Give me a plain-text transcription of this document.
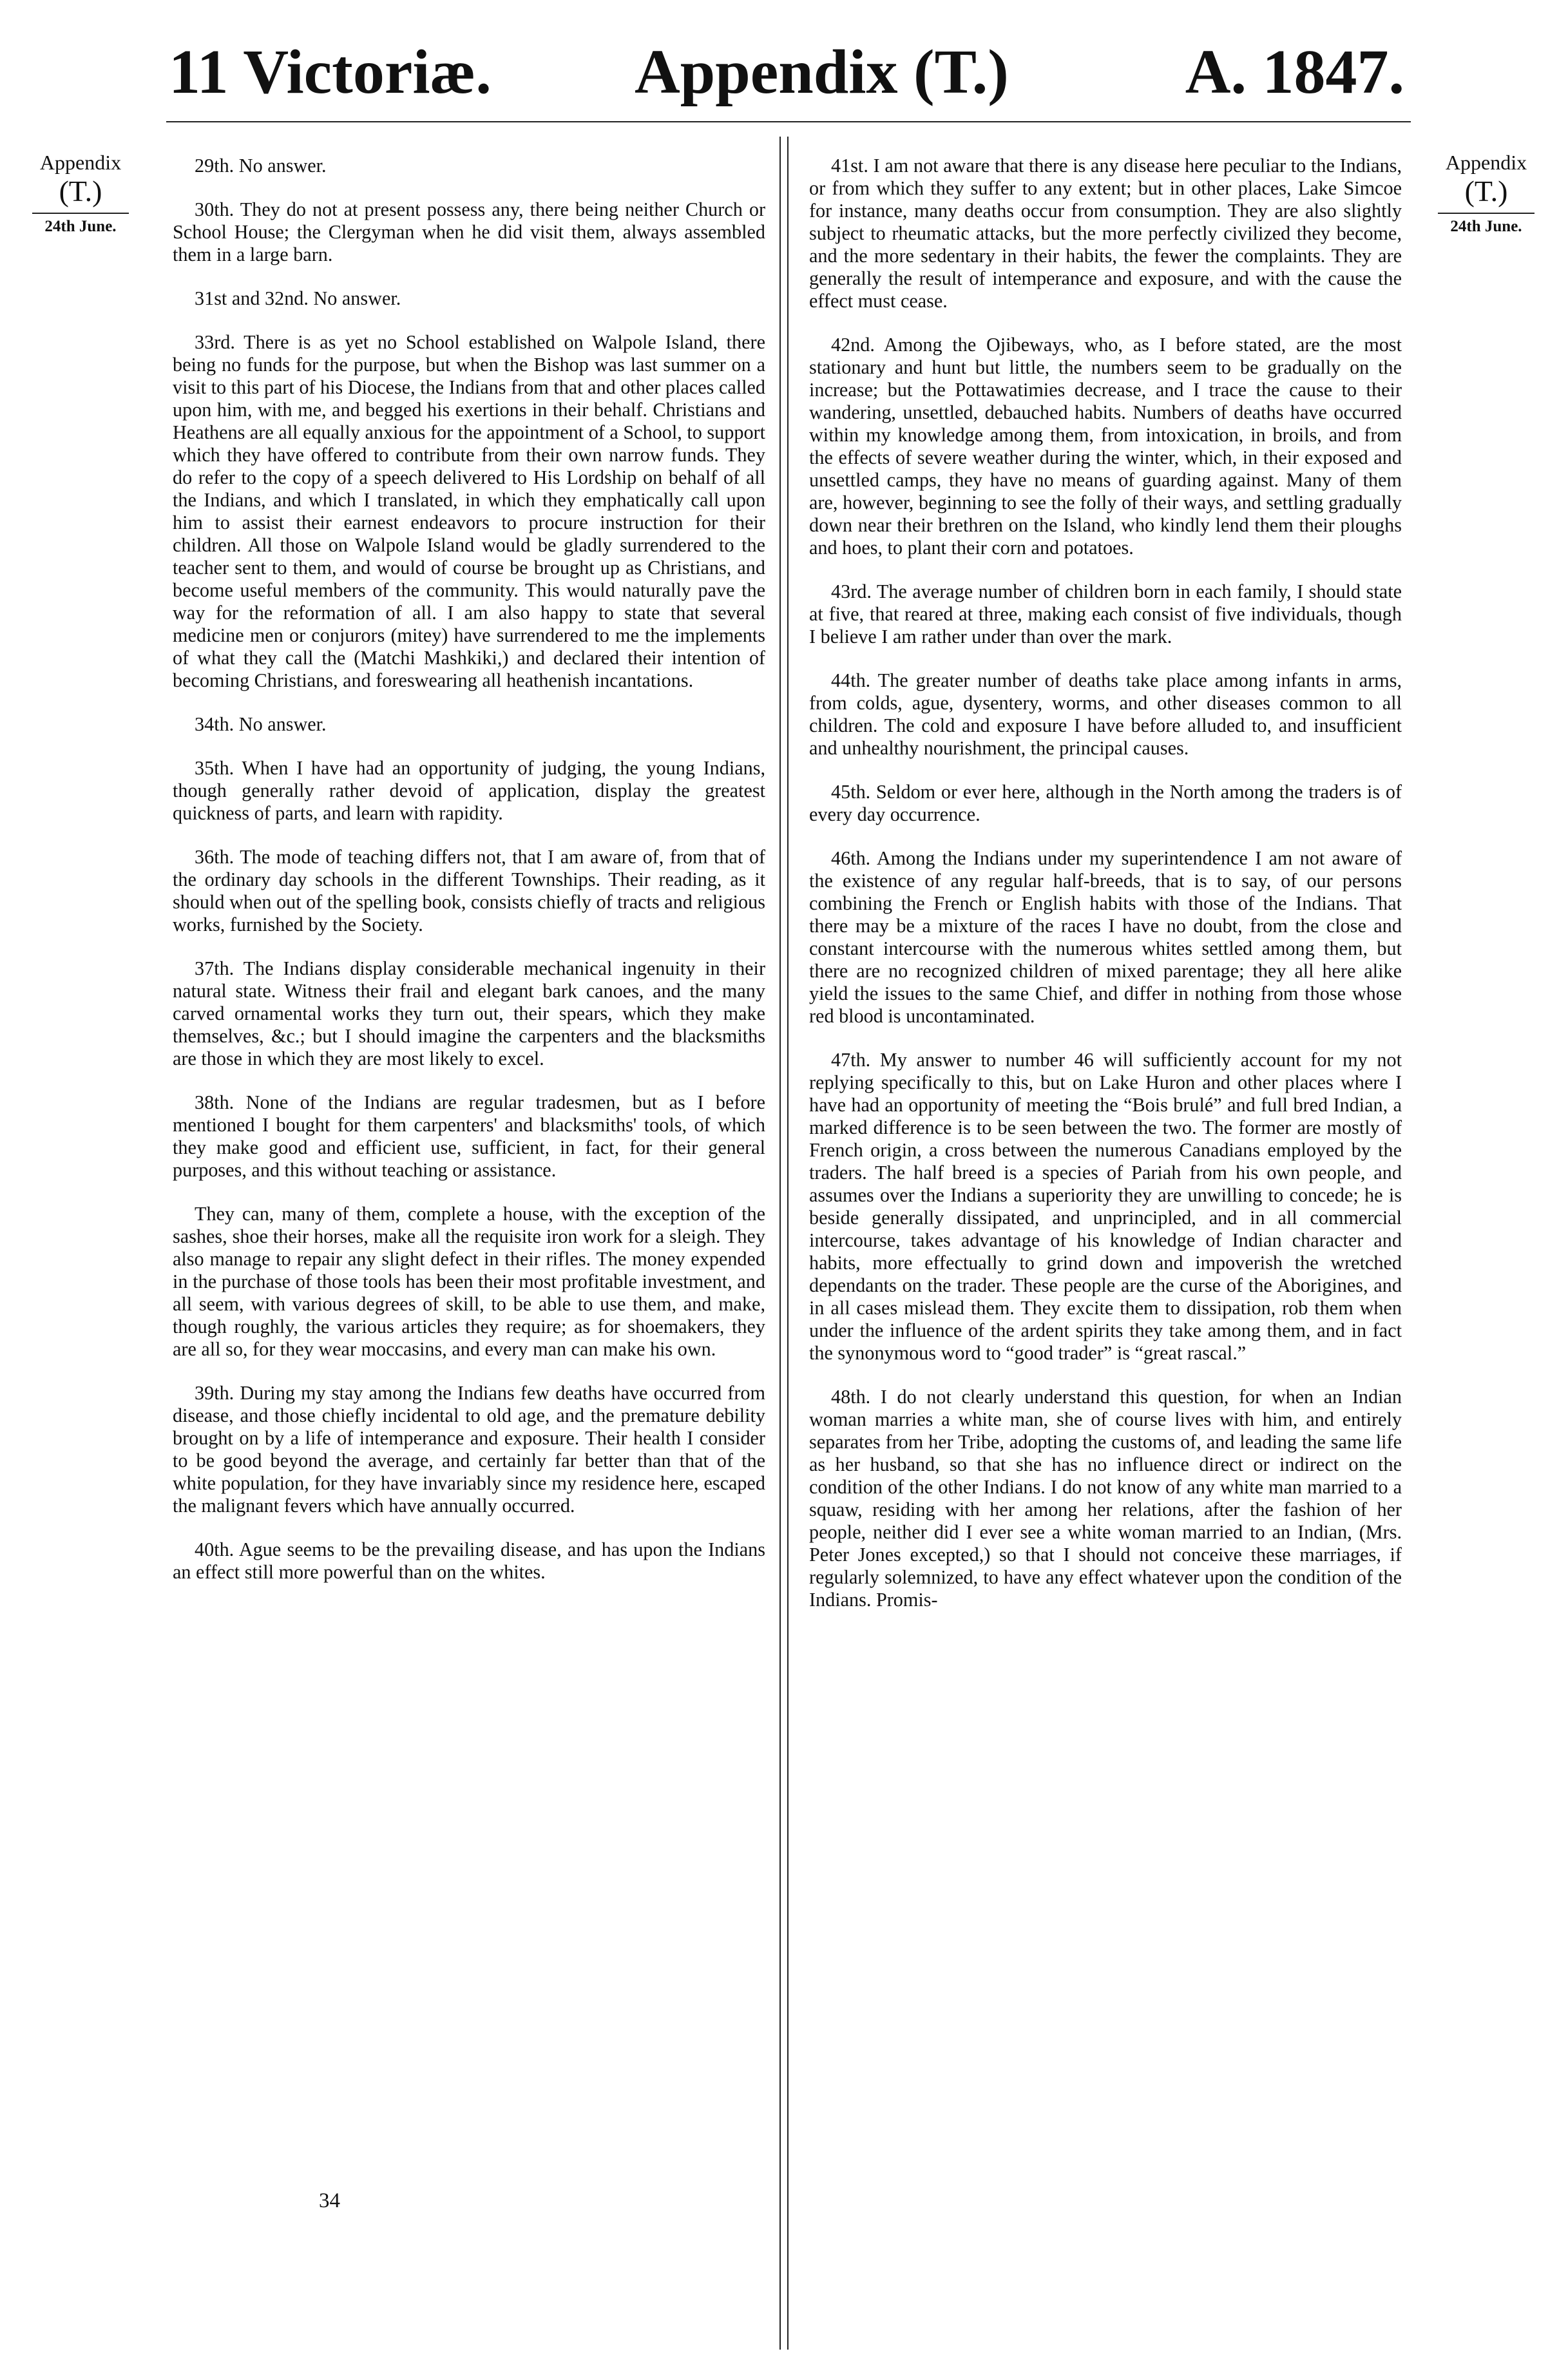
11 Victoriæ. Appendix (T.)	A. 1847.
Appendix
(T.)
24th June.
Appendix
(T.)
24th June.

29th. No answer.

30th. They do not at present possess any, there being neither Church or School House; the Clergyman when he did visit them, always assembled them in a large barn.

31st and 32nd. No answer.

33rd. There is as yet no School established on Walpole Island, there being no funds for the purpose, but when the Bishop was last summer on a visit to this part of his Diocese, the Indians from that and other places called upon him, with me, and begged his exertions in their behalf. Christians and Heathens are all equally anxious for the appointment of a School, to support which they have offered to contribute from their own narrow funds. They do refer to the copy of a speech delivered to His Lordship on behalf of all the Indians, and which I translated, in which they emphatically call upon him to assist their earnest endeavors to procure instruction for their children. All those on Walpole Island would be gladly surrendered to the teacher sent to them, and would of course be brought up as Christians, and become useful members of the community. This would naturally pave the way for the reformation of all. I am also happy to state that several medicine men or conjurors (mitey) have surrendered to me the implements of what they call the (Matchi Mashkiki,) and declared their intention of becoming Christians, and foreswearing all heathenish incantations.

34th. No answer.

35th. When I have had an opportunity of judging, the young Indians, though generally rather devoid of application, display the greatest quickness of parts, and learn with rapidity.

36th. The mode of teaching differs not, that I am aware of, from that of the ordinary day schools in the different Townships. Their reading, as it should when out of the spelling book, consists chiefly of tracts and religious works, furnished by the Society.

37th. The Indians display considerable mechanical ingenuity in their natural state. Witness their frail and elegant bark canoes, and the many carved ornamental works they turn out, their spears, which they make themselves, &c.; but I should imagine the carpenters and the blacksmiths are those in which they are most likely to excel.

38th. None of the Indians are regular tradesmen, but as I before mentioned I bought for them carpenters' and blacksmiths' tools, of which they make good and efficient use, sufficient, in fact, for their general purposes, and this without teaching or assistance.

They can, many of them, complete a house, with the exception of the sashes, shoe their horses, make all the requisite iron work for a sleigh. They also manage to repair any slight defect in their rifles. The money expended in the purchase of those tools has been their most profitable investment, and all seem, with various degrees of skill, to be able to use them, and make, though roughly, the various articles they require; as for shoemakers, they are all so, for they wear moccasins, and every man can make his own.

39th. During my stay among the Indians few deaths have occurred from disease, and those chiefly incidental to old age, and the premature debility brought on by a life of intemperance and exposure. Their health I consider to be good beyond the average, and certainly far better than that of the white population, for they have invariably since my residence here, escaped the malignant fevers which have annually occurred.

40th. Ague seems to be the prevailing disease, and has upon the Indians an effect still more powerful than on the whites.

41st. I am not aware that there is any disease here peculiar to the Indians, or from which they suffer to any extent; but in other places, Lake Simcoe for instance, many deaths occur from consumption. They are also slightly subject to rheumatic attacks, but the more perfectly civilized they become, and the more sedentary in their habits, the fewer the complaints. They are generally the result of intemperance and exposure, and with the cause the effect must cease.

42nd. Among the Ojibeways, who, as I before stated, are the most stationary and hunt but little, the numbers seem to be gradually on the increase; but the Pottawatimies decrease, and I trace the cause to their wandering, unsettled, debauched habits. Numbers of deaths have occurred within my knowledge among them, from intoxication, in broils, and from the effects of severe weather during the winter, which, in their exposed and unsettled camps, they have no means of guarding against. Many of them are, however, beginning to see the folly of their ways, and settling gradually down near their brethren on the Island, who kindly lend them their ploughs and hoes, to plant their corn and potatoes.

43rd. The average number of children born in each family, I should state at five, that reared at three, making each consist of five individuals, though I believe I am rather under than over the mark.

44th. The greater number of deaths take place among infants in arms, from colds, ague, dysentery, worms, and other diseases common to all children. The cold and exposure I have before alluded to, and insufficient and unhealthy nourishment, the principal causes.

45th. Seldom or ever here, although in the North among the traders is of every day occurrence.

46th. Among the Indians under my superintendence I am not aware of the existence of any regular half-breeds, that is to say, of our persons combining the French or English habits with those of the Indians. That there may be a mixture of the races I have no doubt, from the close and constant intercourse with the numerous whites settled among them, but there are no recognized children of mixed parentage; they all here alike yield the issues to the same Chief, and differ in nothing from those whose red blood is uncontaminated.

47th. My answer to number 46 will sufficiently account for my not replying specifically to this, but on Lake Huron and other places where I have had an opportunity of meeting the “Bois brulé” and full bred Indian, a marked difference is to be seen between the two. The former are mostly of French origin, a cross between the numerous Canadians employed by the traders. The half breed is a species of Pariah from his own people, and assumes over the Indians a superiority they are unwilling to concede; he is beside generally dissipated, and unprincipled, and in all commercial intercourse, takes advantage of his knowledge of Indian character and habits, more effectually to grind down and impoverish the wretched dependants on the trader. These people are the curse of the Aborigines, and in all cases mislead them. They excite them to dissipation, rob them when under the influence of the ardent spirits they take among them, and in fact the synonymous word to “good trader” is “great rascal.”

48th. I do not clearly understand this question, for when an Indian woman marries a white man, she of course lives with him, and entirely separates from her Tribe, adopting the customs of, and leading the same life as her husband, so that she has no influence direct or indirect on the condition of the other Indians. I do not know of any white man married to a squaw, residing with her among her relations, after the fashion of her people, neither did I ever see a white woman married to an Indian, (Mrs. Peter Jones excepted,) so that I should not conceive these marriages, if regularly solemnized, to have any effect whatever upon the condition of the Indians. Promis-

34
